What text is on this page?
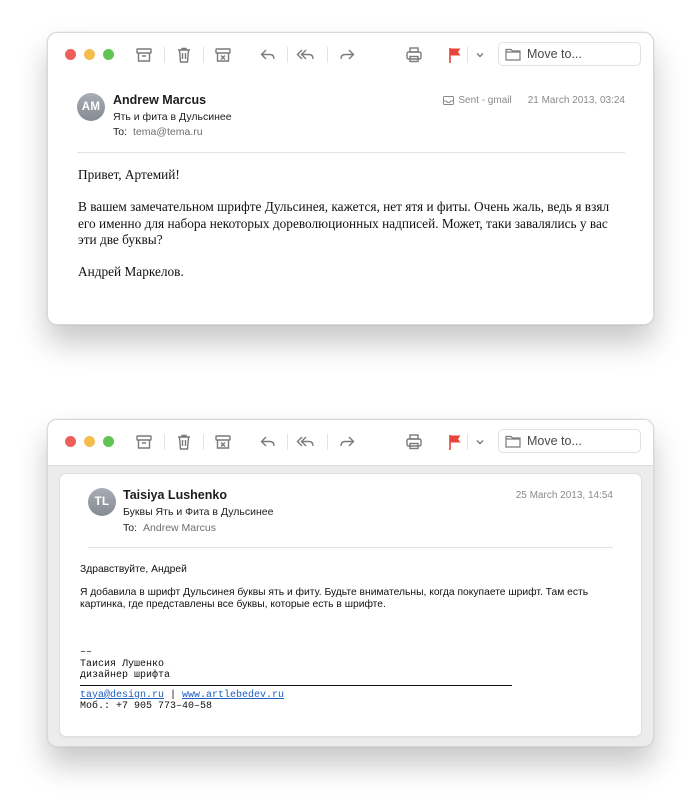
Move to...
AM	Andrew Marcus
Ять и фита в Дульсинее
To: tema@tema.ru
Sent - gmail 21 March 2013, 03:24

Привет, Артемий!

В вашем замечательном шрифте Дульсинея, кажется, нет ятя и фиты. Очень жаль, ведь я взял его именно для набора некоторых дореволюционных надписей. Может, таки завалялись у вас эти две буквы?

Андрей Маркелов.

Move to...
TL	Taisiya Lushenko
Буквы Ять и Фита в Дульсинее
To: Andrew Marcus
25 March 2013, 14:54

Здравствуйте, Андрей

Я добавила в шрифт Дульсинея буквы ять и фиту. Будьте внимательны, когда покупаете шрифт. Там есть картинка, где представлены все буквы, которые есть в шрифте.

––
Таисия Лушенко
дизайнер шрифта
taya@design.ru | www.artlebedev.ru
Моб.: +7 905 773–40–58
